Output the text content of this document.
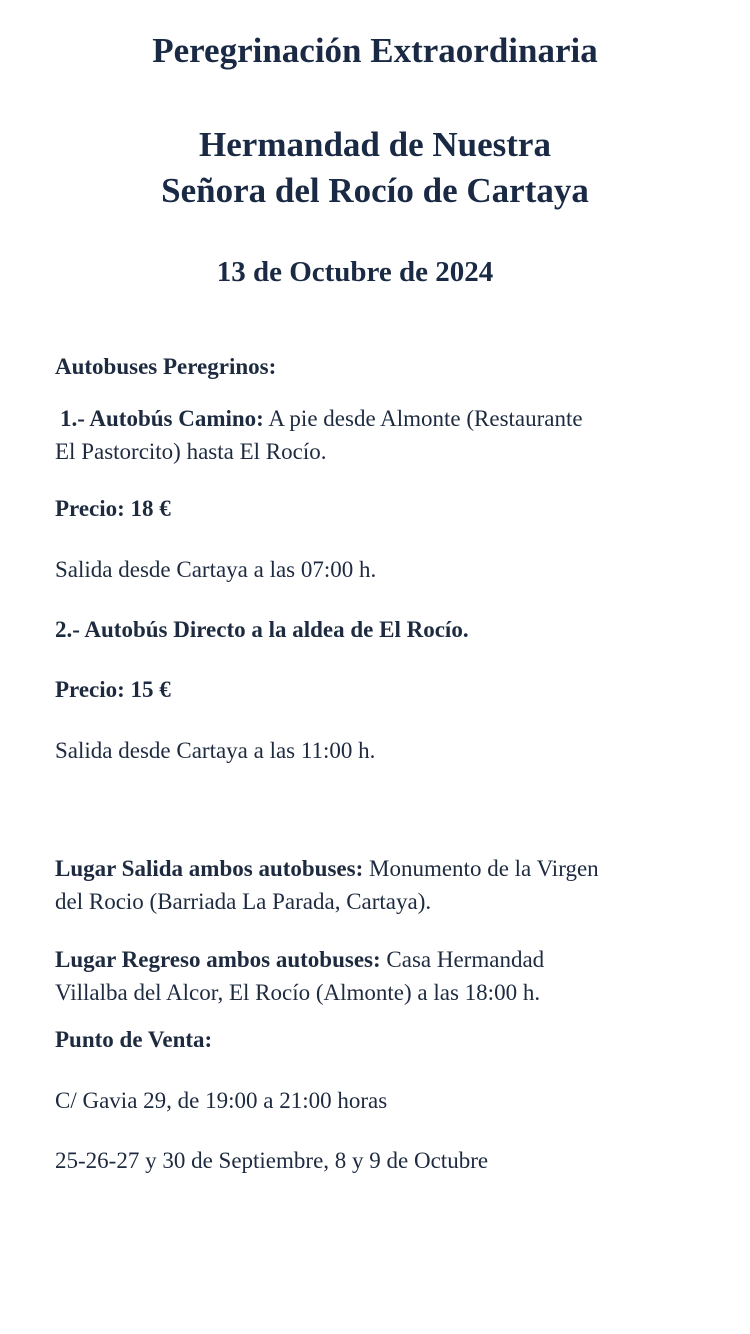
Peregrinación Extraordinaria
Hermandad de Nuestra
Señora del Rocío de Cartaya
13 de Octubre de 2024

Autobuses Peregrinos:

1.- Autobús Camino: A pie desde Almonte (Restaurante
El Pastorcito) hasta El Rocío.

Precio: 18 €

Salida desde Cartaya a las 07:00 h.

2.- Autobús Directo a la aldea de El Rocío.

Precio: 15 €

Salida desde Cartaya a las 11:00 h.

Lugar Salida ambos autobuses: Monumento de la Virgen
del Rocio (Barriada La Parada, Cartaya).

Lugar Regreso ambos autobuses: Casa Hermandad
Villalba del Alcor, El Rocío (Almonte) a las 18:00 h.

Punto de Venta:

C/ Gavia 29, de 19:00 a 21:00 horas

25-26-27 y 30 de Septiembre, 8 y 9 de Octubre
